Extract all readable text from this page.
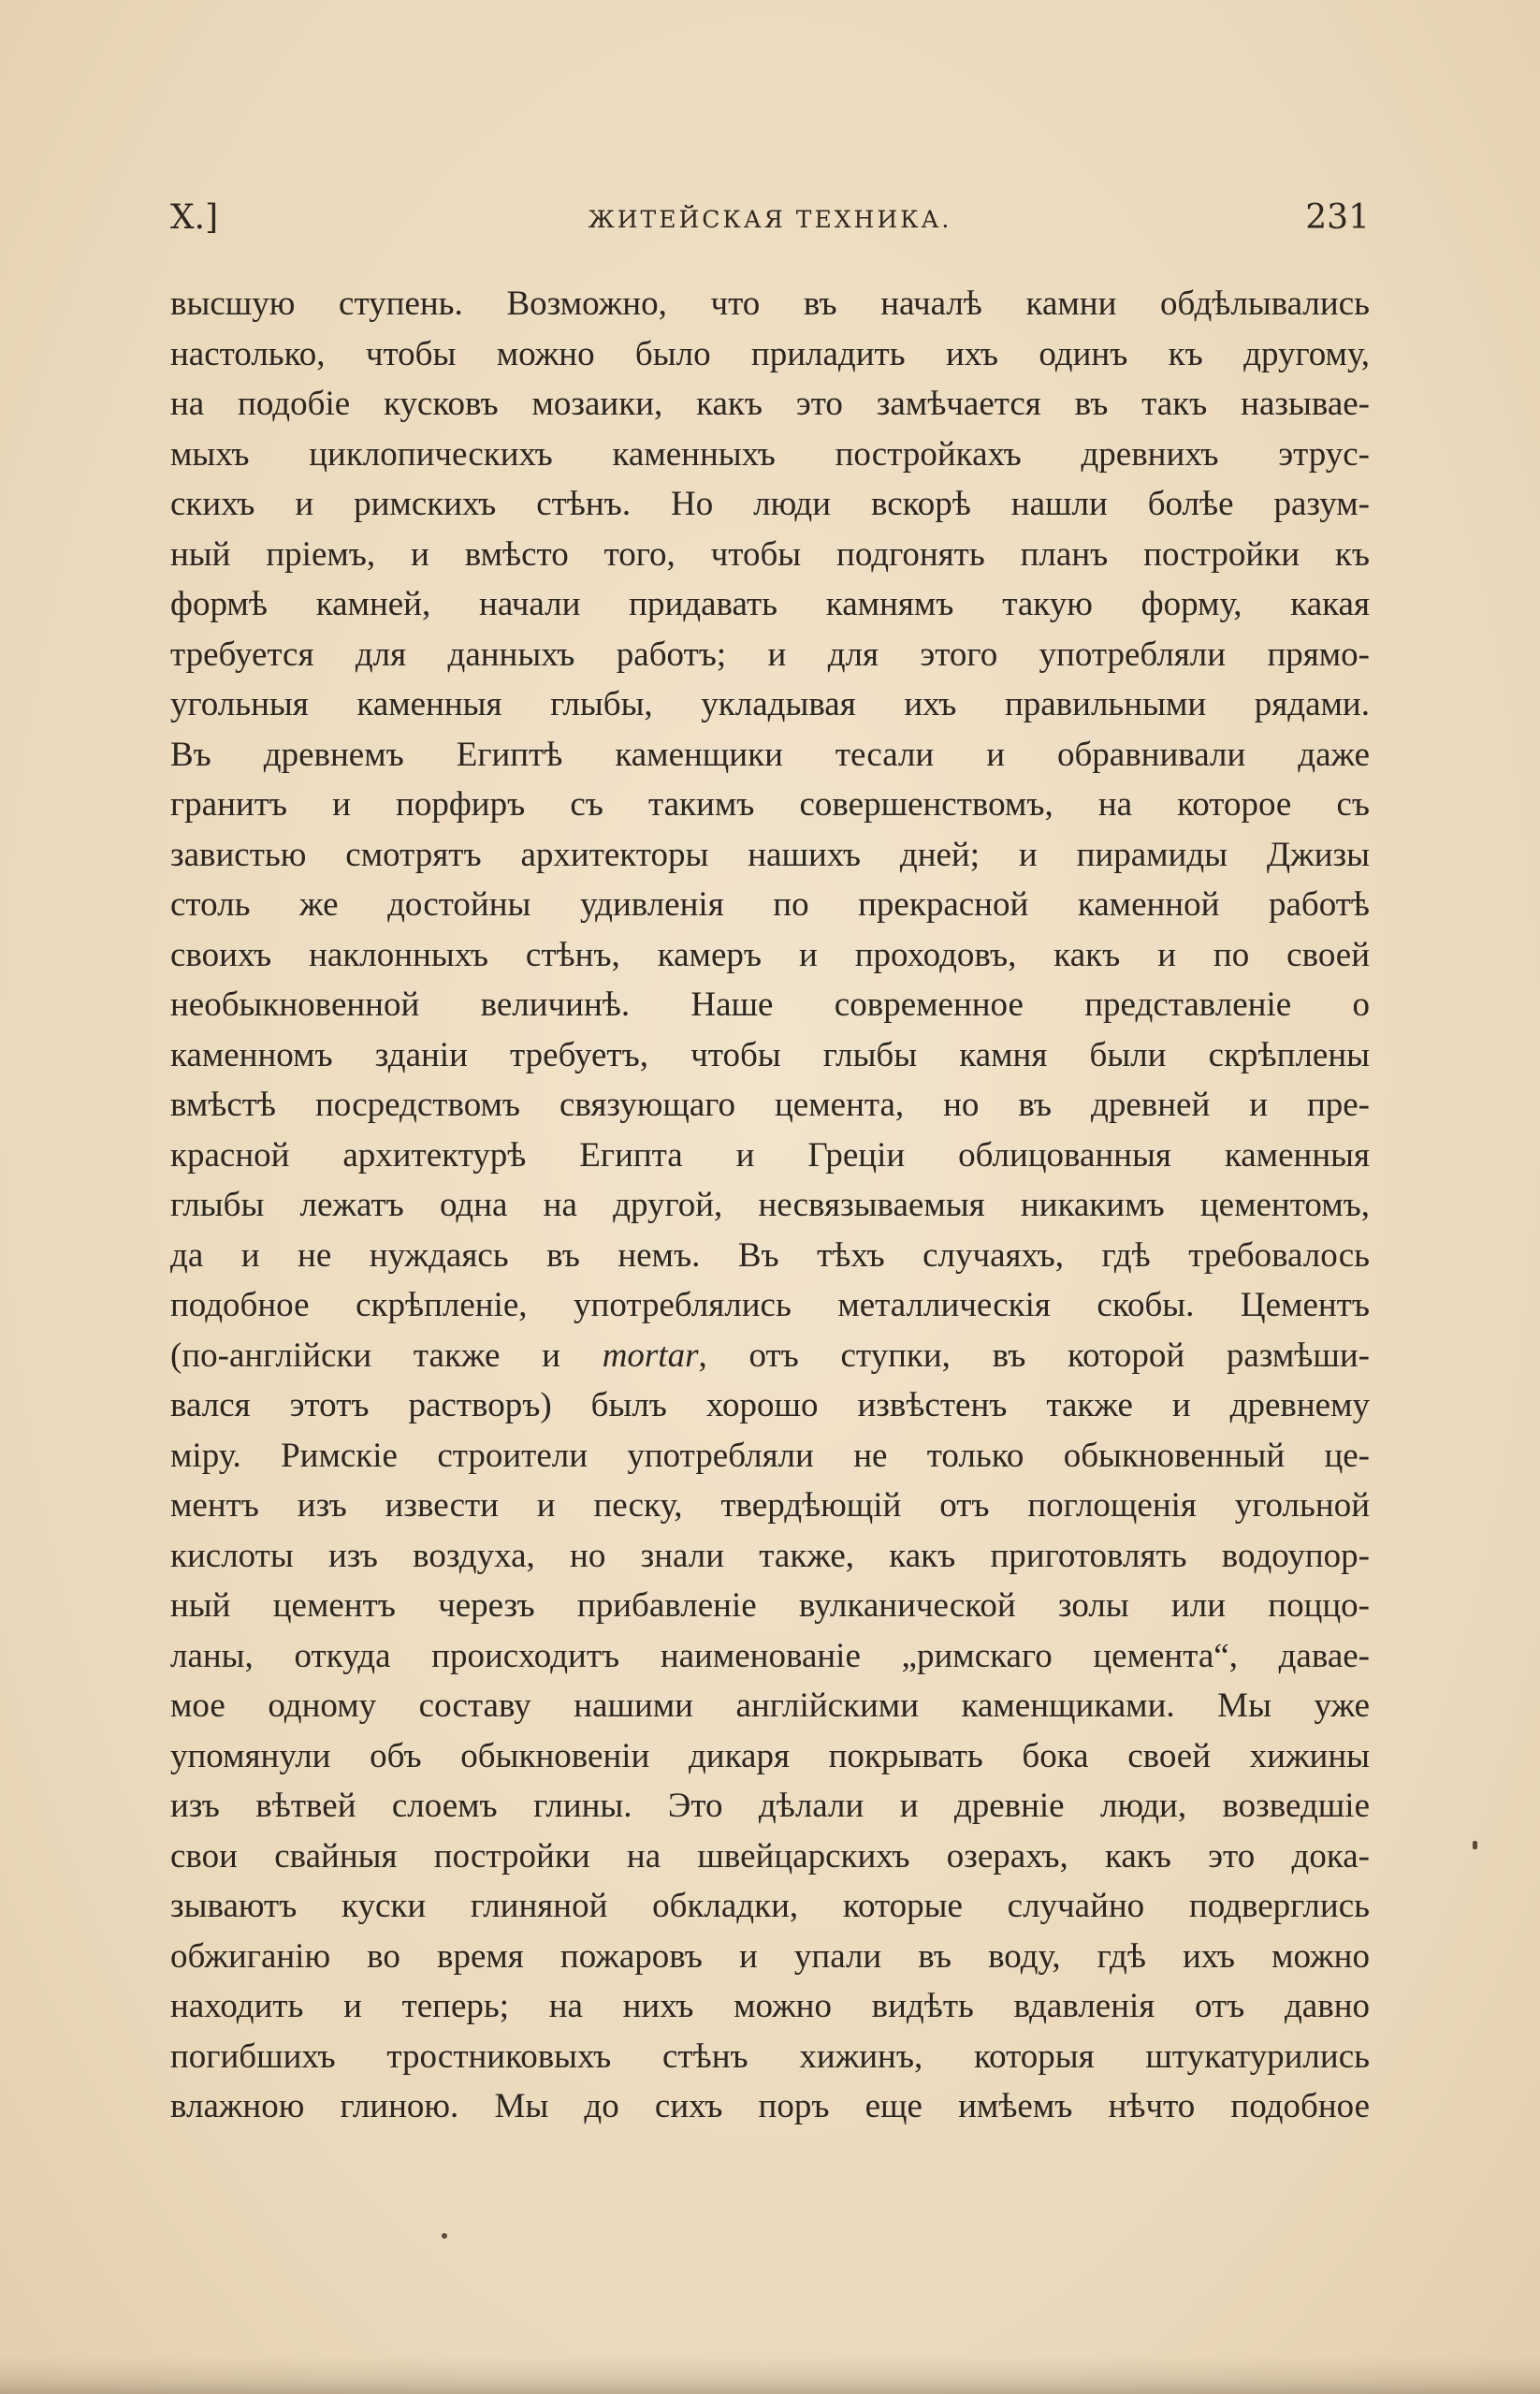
X.]	ЖИТЕЙСКАЯ ТЕХНИКА.	231
высшую ступень. Возможно, что въ началѣ камни обдѣлывались
настолько, чтобы можно было приладить ихъ одинъ къ другому,
на подобіе кусковъ мозаики, какъ это замѣчается въ такъ называе-
мыхъ циклопическихъ каменныхъ постройкахъ древнихъ этрус-
скихъ и римскихъ стѣнъ. Но люди вскорѣ нашли болѣе разум-
ный пріемъ, и вмѣсто того, чтобы подгонять планъ постройки къ
формѣ камней, начали придавать камнямъ такую форму, какая
требуется для данныхъ работъ; и для этого употребляли прямо-
угольныя каменныя глыбы, укладывая ихъ правильными рядами.
Въ древнемъ Египтѣ каменщики тесали и обравнивали даже
гранитъ и порфиръ съ такимъ совершенствомъ, на которое съ
завистью смотрятъ архитекторы нашихъ дней; и пирамиды Джизы
столь же достойны удивленія по прекрасной каменной работѣ
своихъ наклонныхъ стѣнъ, камеръ и проходовъ, какъ и по своей
необыкновенной величинѣ. Наше современное представленіе о
каменномъ зданіи требуетъ, чтобы глыбы камня были скрѣплены
вмѣстѣ посредствомъ связующаго цемента, но въ древней и пре-
красной архитектурѣ Египта и Греціи облицованныя каменныя
глыбы лежатъ одна на другой, несвязываемыя никакимъ цементомъ,
да и не нуждаясь въ немъ. Въ тѣхъ случаяхъ, гдѣ требовалось
подобное скрѣпленіе, употреблялись металлическія скобы. Цементъ
(по-англійски также и mortar, отъ ступки, въ которой размѣши-
вался этотъ растворъ) былъ хорошо извѣстенъ также и древнему
міру. Римскіе строители употребляли не только обыкновенный це-
ментъ изъ извести и песку, твердѣющій отъ поглощенія угольной
кислоты изъ воздуха, но знали также, какъ приготовлять водоупор-
ный цементъ черезъ прибавленіе вулканической золы или поццо-
ланы, откуда происходитъ наименованіе „римскаго цемента“, давае-
мое одному составу нашими англійскими каменщиками. Мы уже
упомянули объ обыкновеніи дикаря покрывать бока своей хижины
изъ вѣтвей слоемъ глины. Это дѣлали и древніе люди, возведшіе
свои свайныя постройки на швейцарскихъ озерахъ, какъ это дока-
зываютъ куски глиняной обкладки, которые случайно подверглись
обжиганію во время пожаровъ и упали въ воду, гдѣ ихъ можно
находить и теперь; на нихъ можно видѣть вдавленія отъ давно
погибшихъ тростниковыхъ стѣнъ хижинъ, которыя штукатурились
влажною глиною. Мы до сихъ поръ еще имѣемъ нѣчто подобное
